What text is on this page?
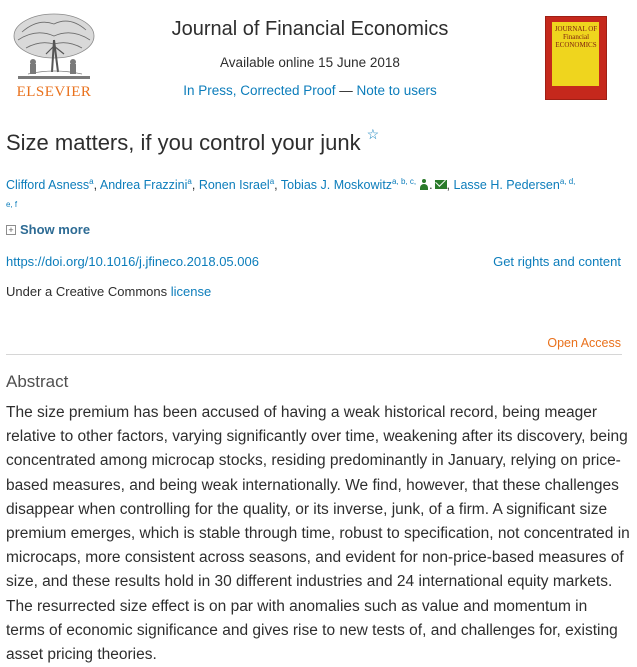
ELSEVIER
Journal of Financial Economics
Available online 15 June 2018
In Press, Corrected Proof — Note to users
JOURNAL OF Financial ECONOMICS
Size matters, if you control your junk ☆
Clifford Asness$^a$, Andrea Frazzini$^a$, Ronen Israel$^a$, Tobias J. Moskowitz$^{a, b, c,}$ . , Lasse H. Pedersen$^{a, d,}$
$^{e, f}$
+ Show more
https://doi.org/10.1016/j.jfineco.2018.05.006	Get rights and content
Under a Creative Commons license
Open Access
Abstract
The size premium has been accused of having a weak historical record, being meager relative to other factors, varying significantly over time, weakening after its discovery, being concentrated among microcap stocks, residing predominantly in January, relying on price-based measures, and being weak internationally. We find, however, that these challenges disappear when controlling for the quality, or its inverse, junk, of a firm. A significant size premium emerges, which is stable through time, robust to specification, not concentrated in microcaps, more consistent across seasons, and evident for non-price-based measures of size, and these results hold in 30 different industries and 24 international equity markets. The resurrected size effect is on par with anomalies such as value and momentum in terms of economic significance and gives rise to new tests of, and challenges for, existing asset pricing theories.
